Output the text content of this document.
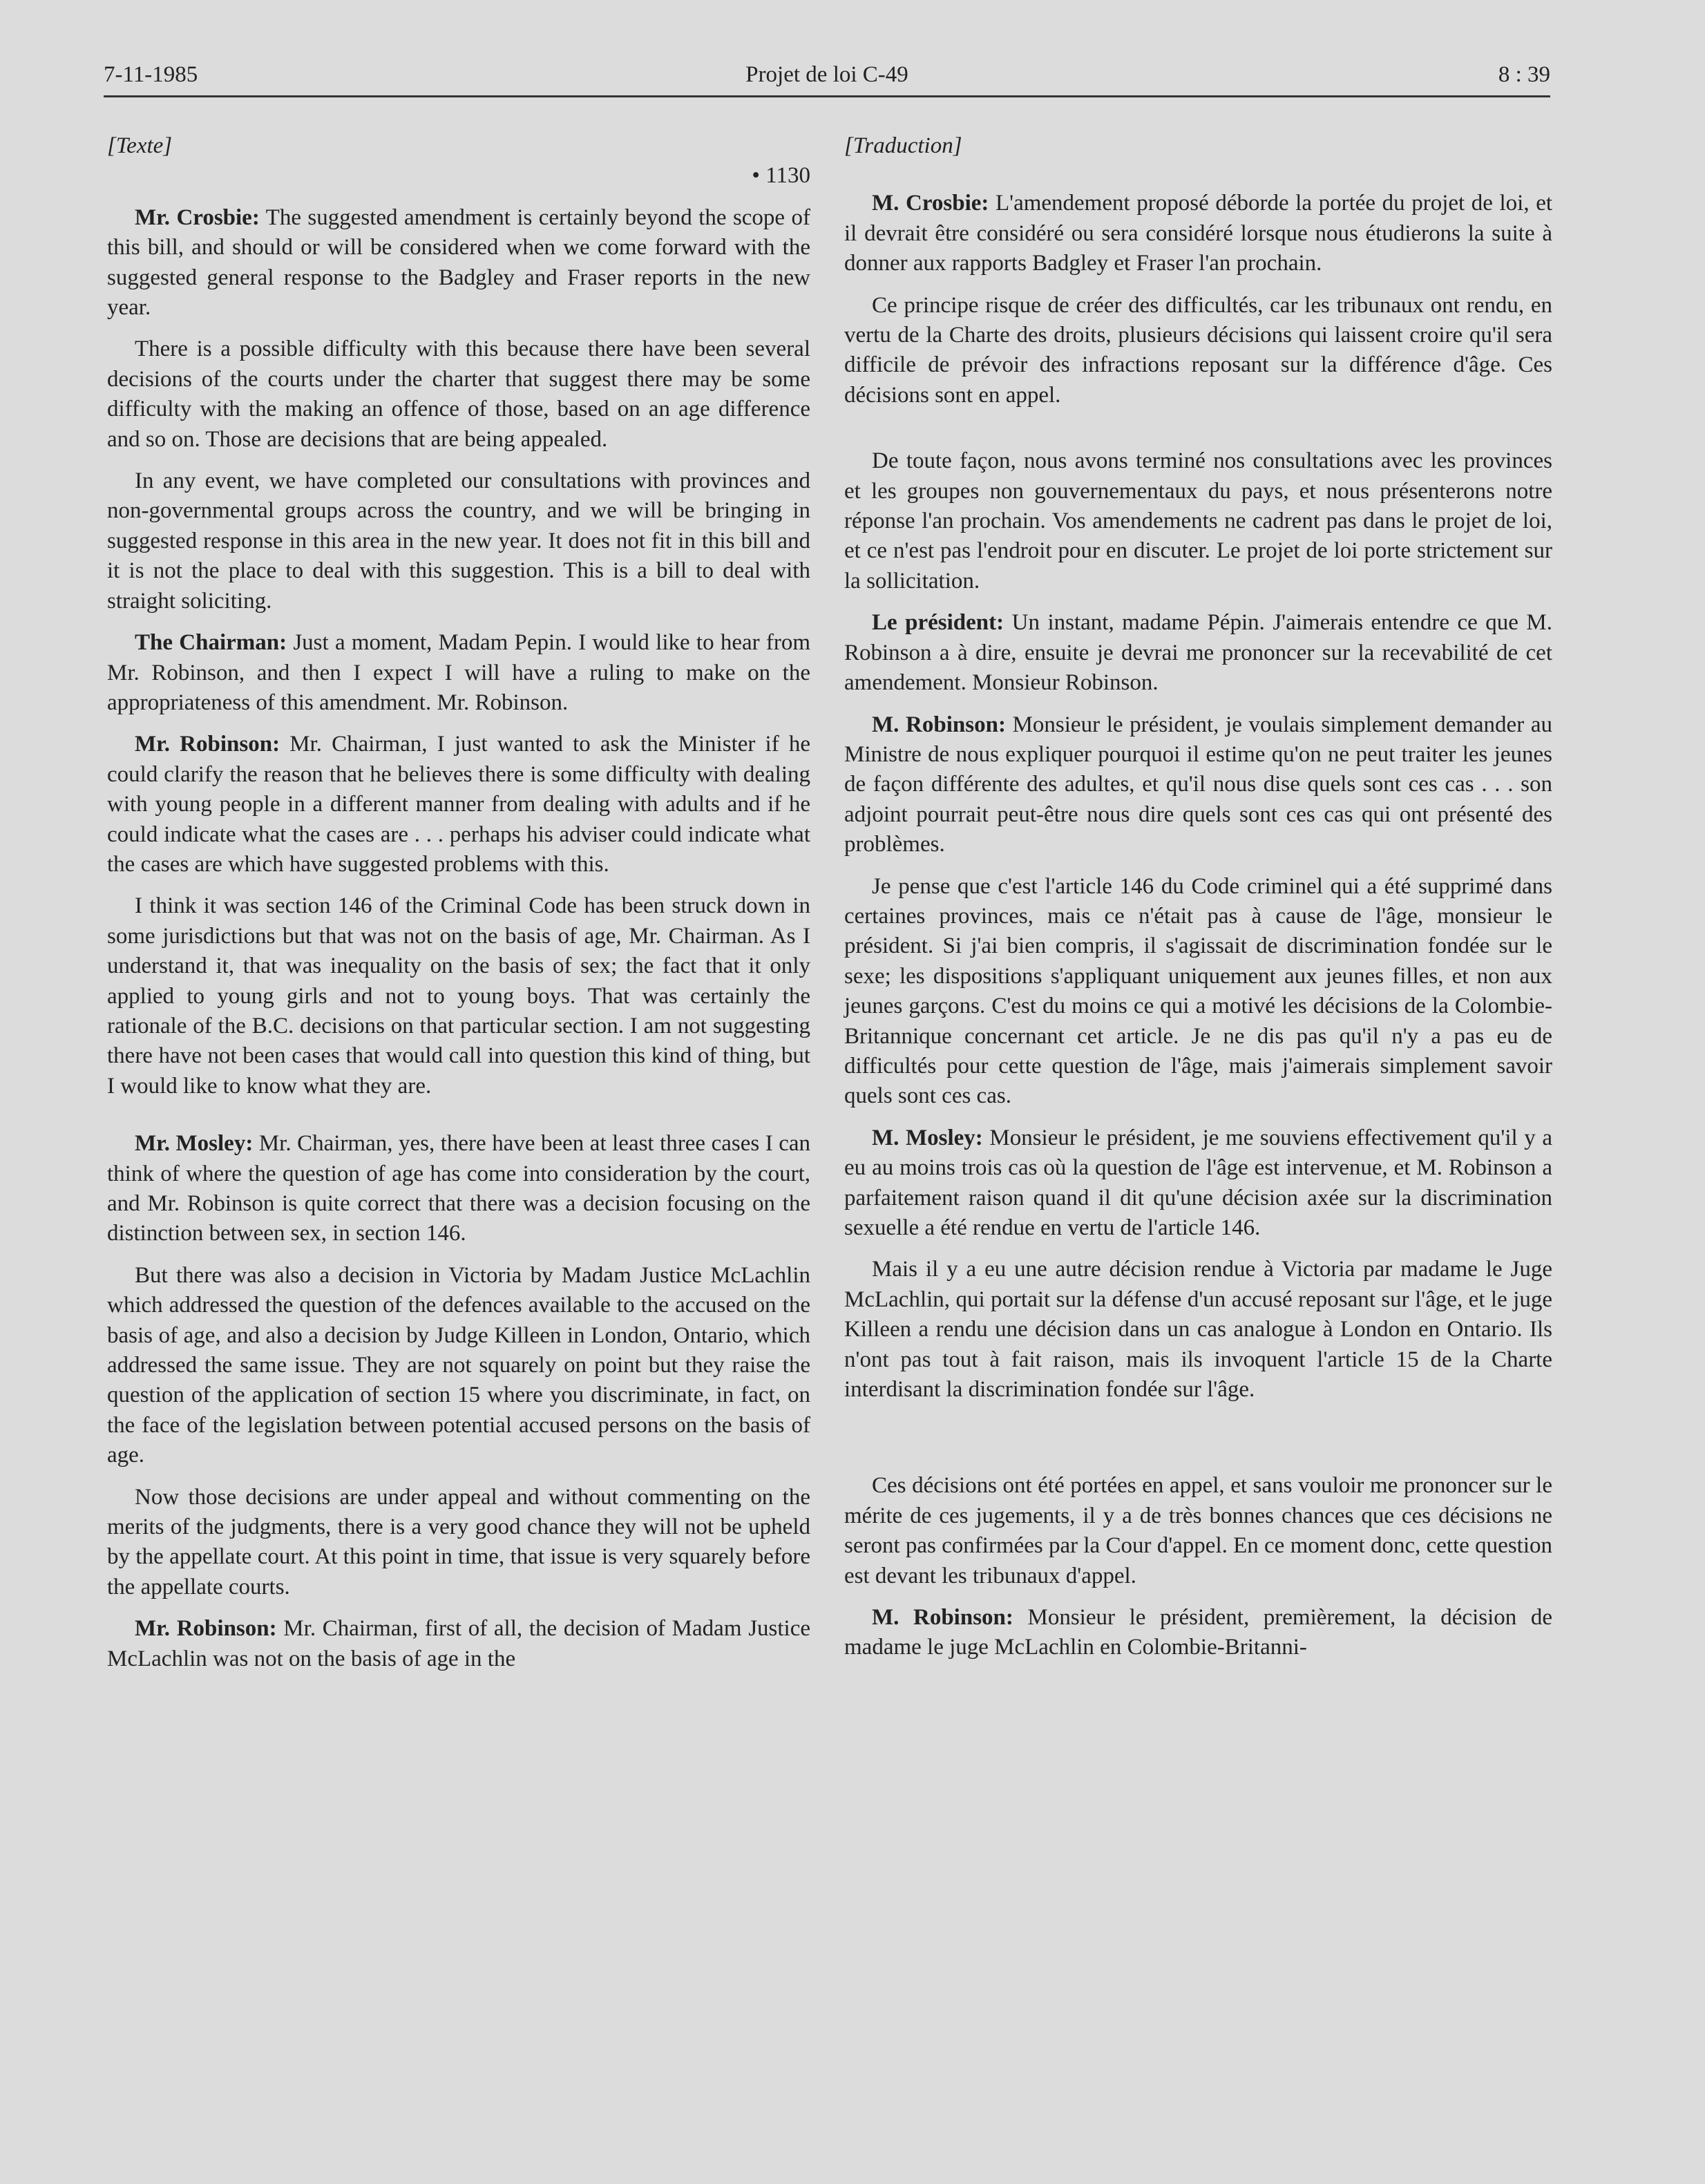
Projet de loi C-49
7-11-1985	8 : 39

[Texte]

• 1130

Mr. Crosbie: The suggested amendment is certainly beyond the scope of this bill, and should or will be considered when we come forward with the suggested general response to the Badgley and Fraser reports in the new year.

There is a possible difficulty with this because there have been several decisions of the courts under the charter that suggest there may be some difficulty with the making an offence of those, based on an age difference and so on. Those are decisions that are being appealed.

In any event, we have completed our consultations with provinces and non-governmental groups across the country, and we will be bringing in suggested response in this area in the new year. It does not fit in this bill and it is not the place to deal with this suggestion. This is a bill to deal with straight soliciting.

The Chairman: Just a moment, Madam Pepin. I would like to hear from Mr. Robinson, and then I expect I will have a ruling to make on the appropriateness of this amendment. Mr. Robinson.

Mr. Robinson: Mr. Chairman, I just wanted to ask the Minister if he could clarify the reason that he believes there is some difficulty with dealing with young people in a different manner from dealing with adults and if he could indicate what the cases are . . . perhaps his adviser could indicate what the cases are which have suggested problems with this.

I think it was section 146 of the Criminal Code has been struck down in some jurisdictions but that was not on the basis of age, Mr. Chairman. As I understand it, that was inequality on the basis of sex; the fact that it only applied to young girls and not to young boys. That was certainly the rationale of the B.C. decisions on that particular section. I am not suggesting there have not been cases that would call into question this kind of thing, but I would like to know what they are.

Mr. Mosley: Mr. Chairman, yes, there have been at least three cases I can think of where the question of age has come into consideration by the court, and Mr. Robinson is quite correct that there was a decision focusing on the distinction between sex, in section 146.

But there was also a decision in Victoria by Madam Justice McLachlin which addressed the question of the defences available to the accused on the basis of age, and also a decision by Judge Killeen in London, Ontario, which addressed the same issue. They are not squarely on point but they raise the question of the application of section 15 where you discriminate, in fact, on the face of the legislation between potential accused persons on the basis of age.

Now those decisions are under appeal and without commenting on the merits of the judgments, there is a very good chance they will not be upheld by the appellate court. At this point in time, that issue is very squarely before the appellate courts.

Mr. Robinson: Mr. Chairman, first of all, the decision of Madam Justice McLachlin was not on the basis of age in the

[Traduction]

M. Crosbie: L'amendement proposé déborde la portée du projet de loi, et il devrait être considéré ou sera considéré lorsque nous étudierons la suite à donner aux rapports Badgley et Fraser l'an prochain.

Ce principe risque de créer des difficultés, car les tribunaux ont rendu, en vertu de la Charte des droits, plusieurs décisions qui laissent croire qu'il sera difficile de prévoir des infractions reposant sur la différence d'âge. Ces décisions sont en appel.

De toute façon, nous avons terminé nos consultations avec les provinces et les groupes non gouvernementaux du pays, et nous présenterons notre réponse l'an prochain. Vos amendements ne cadrent pas dans le projet de loi, et ce n'est pas l'endroit pour en discuter. Le projet de loi porte strictement sur la sollicitation.

Le président: Un instant, madame Pépin. J'aimerais entendre ce que M. Robinson a à dire, ensuite je devrai me prononcer sur la recevabilité de cet amendement. Monsieur Robinson.

M. Robinson: Monsieur le président, je voulais simplement demander au Ministre de nous expliquer pourquoi il estime qu'on ne peut traiter les jeunes de façon différente des adultes, et qu'il nous dise quels sont ces cas . . . son adjoint pourrait peut-être nous dire quels sont ces cas qui ont présenté des problèmes.

Je pense que c'est l'article 146 du Code criminel qui a été supprimé dans certaines provinces, mais ce n'était pas à cause de l'âge, monsieur le président. Si j'ai bien compris, il s'agissait de discrimination fondée sur le sexe; les dispositions s'appliquant uniquement aux jeunes filles, et non aux jeunes garçons. C'est du moins ce qui a motivé les décisions de la Colombie-Britannique concernant cet article. Je ne dis pas qu'il n'y a pas eu de difficultés pour cette question de l'âge, mais j'aimerais simplement savoir quels sont ces cas.

M. Mosley: Monsieur le président, je me souviens effectivement qu'il y a eu au moins trois cas où la question de l'âge est intervenue, et M. Robinson a parfaitement raison quand il dit qu'une décision axée sur la discrimination sexuelle a été rendue en vertu de l'article 146.

Mais il y a eu une autre décision rendue à Victoria par madame le Juge McLachlin, qui portait sur la défense d'un accusé reposant sur l'âge, et le juge Killeen a rendu une décision dans un cas analogue à London en Ontario. Ils n'ont pas tout à fait raison, mais ils invoquent l'article 15 de la Charte interdisant la discrimination fondée sur l'âge.

Ces décisions ont été portées en appel, et sans vouloir me prononcer sur le mérite de ces jugements, il y a de très bonnes chances que ces décisions ne seront pas confirmées par la Cour d'appel. En ce moment donc, cette question est devant les tribunaux d'appel.

M. Robinson: Monsieur le président, premièrement, la décision de madame le juge McLachlin en Colombie-Britanni-
